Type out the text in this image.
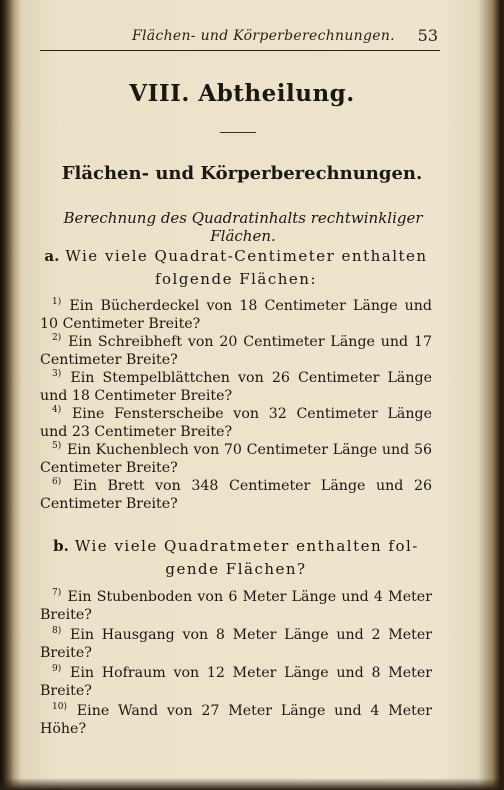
Flächen- und Körperberechnungen. 53
VIII. Abtheilung.
Flächen- und Körperberechnungen.
Berechnung des Quadratinhalts rechtwinkliger Flächen.
a. Wie viele Quadrat-Centimeter enthalten
folgende Flächen:
$^{1)}$ Ein Bücherdeckel von 18 Centimeter Länge und 10 Centimeter Breite?
$^{2)}$ Ein Schreibheft von 20 Centimeter Länge und 17 Centimeter Breite?
$^{3)}$ Ein Stempelblättchen von 26 Centimeter Länge und 18 Centimeter Breite?
$^{4)}$ Eine Fensterscheibe von 32 Centimeter Länge und 23 Centimeter Breite?
$^{5)}$ Ein Kuchenblech von 70 Centimeter Länge und 56 Centimeter Breite?
$^{6)}$ Ein Brett von 348 Centimeter Länge und 26 Centimeter Breite?
b. Wie viele Quadratmeter enthalten fol-
gende Flächen?
$^{7)}$ Ein Stubenboden von 6 Meter Länge und 4 Meter Breite?
$^{8)}$ Ein Hausgang von 8 Meter Länge und 2 Meter Breite?
$^{9)}$ Ein Hofraum von 12 Meter Länge und 8 Meter Breite?
$^{10)}$ Eine Wand von 27 Meter Länge und 4 Meter Höhe?
